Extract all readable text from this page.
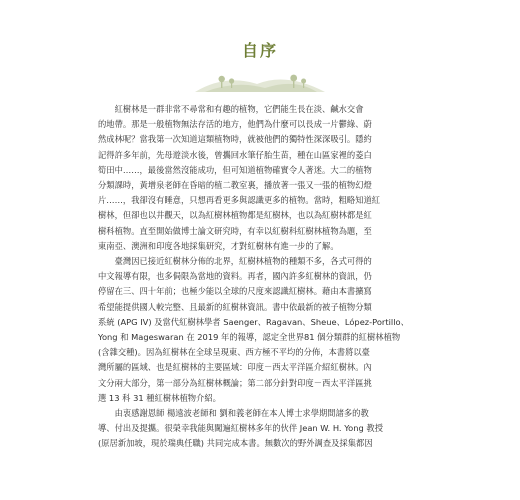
自序

　　紅樹林是一群非常不尋常和有趣的植物，它們能生長在淡、鹹水交會
的地帶。那是一般植物無法存活的地方，他們為什麼可以長成一片鬱綠、蔚
然成林呢？當我第一次知道這類植物時，就被他們的獨特性深深吸引。隱約
記得許多年前，先母遊淡水後，曾攜回水筆仔胎生苗，種在山區家裡的菱白
筍田中……，最後當然沒能成功，但可知道植物確實令人著迷。大二的植物
分類課時，黃增泉老師在昏暗的植二教室裏，播放著一張又一張的植物幻燈
片……，我卻沒有睡意，只想再看更多與認識更多的植物。當時，粗略知道紅
樹林，但卻也以井觀天，以為紅樹林植物都是紅樹林，也以為紅樹林都是紅
樹科植物。直至開始做博士論文研究時，有幸以紅樹科紅樹林植物為題，至
東南亞、澳洲和印度各地採集研究，才對紅樹林有進一步的了解。

　　臺灣因已接近紅樹林分佈的北界，紅樹林植物的種類不多，各式可得的
中文報導有限，也多侷限為當地的資料。再者，國內許多紅樹林的資訊，仍
停留在三、四十年前；也極少能以全球的尺度來認識紅樹林。藉由本書擴寫
希望能提供國人較完整、且最新的紅樹林資訊。書中依最新的被子植物分類
系統 (APG IV) 及當代紅樹林學者 Saenger、Ragavan、Sheue、López-Portillo、
Yong 和 Mageswaran 在 2019 年的報導，認定全世界81 個分類群的紅樹林植物
(含雜交種)。因為紅樹林在全球呈現東、西方極不平均的分佈，本書將以臺
灣所屬的區域、也是紅樹林的主要區域：印度－西太平洋區介紹紅樹林。內
文分兩大部分，第一部分為紅樹林概論；第二部分針對印度－西太平洋區挑
選 13 科 31 種紅樹林植物介紹。

　　由衷感謝恩師 楊遠波老師和 劉和義老師在本人博士求學期間諸多的教
導、付出及提攜。很榮幸我能與闖遍紅樹林多年的伙伴 Jean W. H. Yong 教授
(原居新加坡，現於瑞典任職) 共同完成本書。無數次的野外調查及採集都因
